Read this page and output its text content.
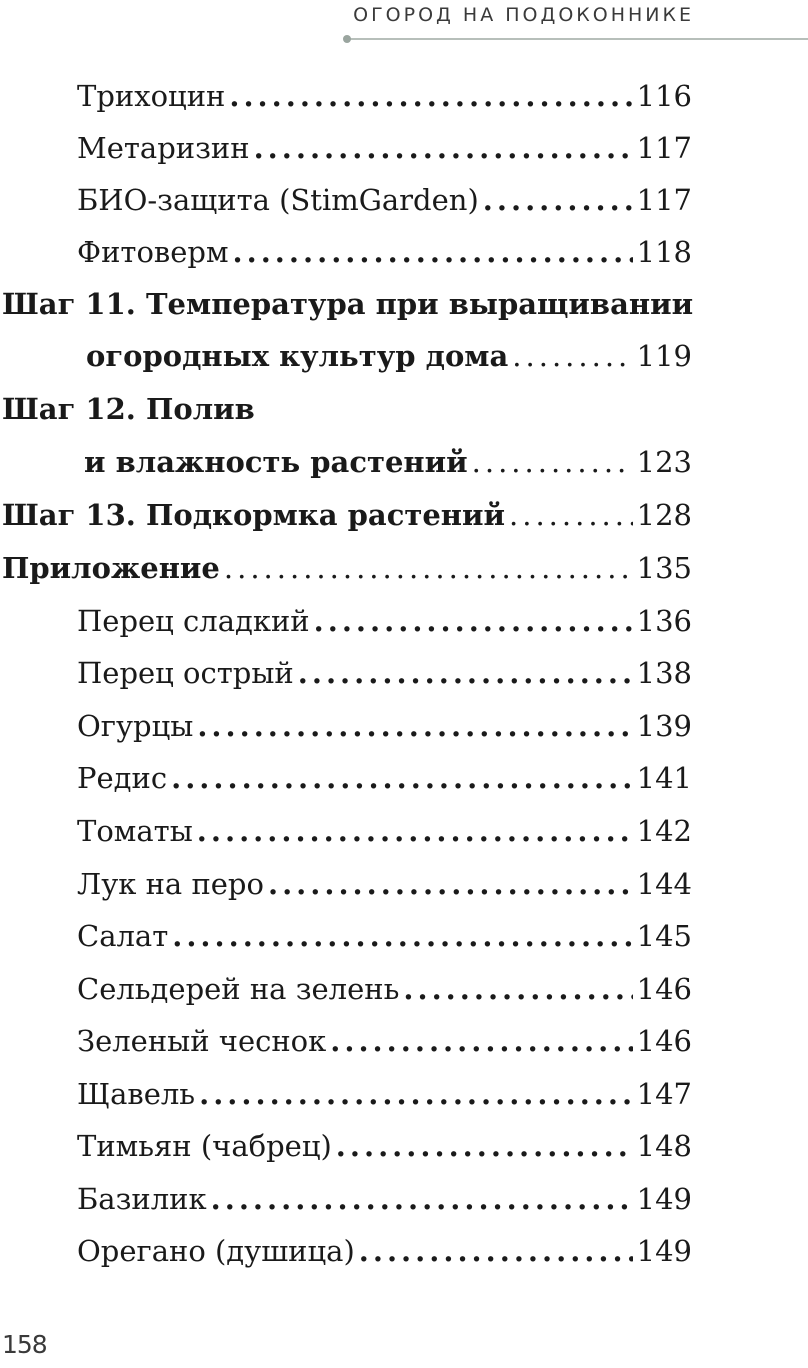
ОГОРОД НА ПОДОКОННИКЕ
Трихоцин .....	116
Метаризин .....	117
БИО-защита (StimGarden) .....	117
Фитоверм .....	118
Шаг 11. Температура при выращивании
огородных культур дома .....	119
Шаг 12. Полив
и влажность растений .....	123
Шаг 13. Подкормка растений .....	128
Приложение .....	135
Перец сладкий .....	136
Перец острый .....	138
Огурцы .....	139
Редис .....	141
Томаты .....	142
Лук на перо .....	144
Салат .....	145
Сельдерей на зелень .....	146
Зеленый чеснок .....	146
Щавель .....	147
Тимьян (чабрец) .....	148
Базилик .....	149
Орегано (душица) .....	149
158
